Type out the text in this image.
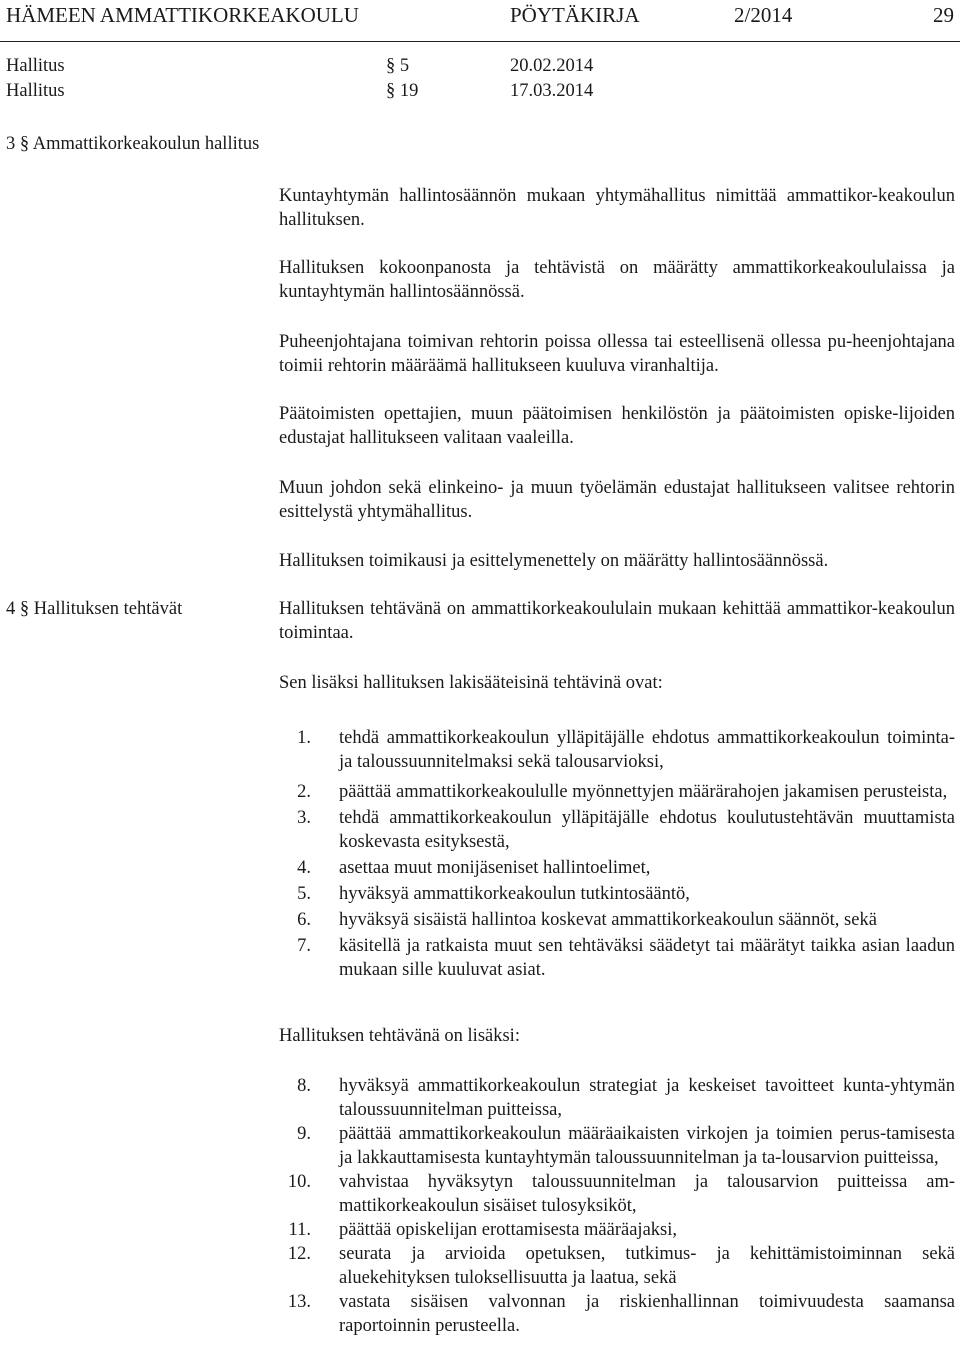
HÄMEEN AMMATTIKORKEAKOULU	PÖYTÄKIRJA	2/2014	29
Hallitus	§ 5	20.02.2014
Hallitus	§ 19	17.03.2014
3 § Ammattikorkeakoulun hallitus

Kuntayhtymän hallintosäännön mukaan yhtymähallitus nimittää ammattikor-keakoulun hallituksen.

Hallituksen kokoonpanosta ja tehtävistä on määrätty ammattikorkeakoululaissa ja kuntayhtymän hallintosäännössä.

Puheenjohtajana toimivan rehtorin poissa ollessa tai esteellisenä ollessa pu-heenjohtajana toimii rehtorin määräämä hallitukseen kuuluva viranhaltija.

Päätoimisten opettajien, muun päätoimisen henkilöstön ja päätoimisten opiske-lijoiden edustajat hallitukseen valitaan vaaleilla.

Muun johdon sekä elinkeino- ja muun työelämän edustajat hallitukseen valitsee rehtorin esittelystä yhtymähallitus.

Hallituksen toimikausi ja esittelymenettely on määrätty hallintosäännössä.

4 § Hallituksen tehtävät	Hallituksen tehtävänä on ammattikorkeakoululain mukaan kehittää ammattikor-keakoulun toimintaa.

Sen lisäksi hallituksen lakisääteisinä tehtävinä ovat:

1. tehdä ammattikorkeakoulun ylläpitäjälle ehdotus ammattikorkeakoulun toiminta- ja taloussuunnitelmaksi sekä talousarvioksi,
2. päättää ammattikorkeakoululle myönnettyjen määrärahojen jakamisen perusteista,
3. tehdä ammattikorkeakoulun ylläpitäjälle ehdotus koulutustehtävän muuttamista koskevasta esityksestä,
4. asettaa muut monijäseniset hallintoelimet,
5. hyväksyä ammattikorkeakoulun tutkintosääntö,
6. hyväksyä sisäistä hallintoa koskevat ammattikorkeakoulun säännöt, sekä
7. käsitellä ja ratkaista muut sen tehtäväksi säädetyt tai määrätyt taikka asian laadun mukaan sille kuuluvat asiat.

Hallituksen tehtävänä on lisäksi:

8. hyväksyä ammattikorkeakoulun strategiat ja keskeiset tavoitteet kunta-yhtymän taloussuunnitelman puitteissa,
9. päättää ammattikorkeakoulun määräaikaisten virkojen ja toimien perus-tamisesta ja lakkauttamisesta kuntayhtymän taloussuunnitelman ja ta-lousarvion puitteissa,
10. vahvistaa hyväksytyn taloussuunnitelman ja talousarvion puitteissa am-mattikorkeakoulun sisäiset tulosyksiköt,
11. päättää opiskelijan erottamisesta määräajaksi,
12. seurata ja arvioida opetuksen, tutkimus- ja kehittämistoiminnan sekä aluekehityksen tuloksellisuutta ja laatua, sekä
13. vastata sisäisen valvonnan ja riskienhallinnan toimivuudesta saamansa raportoinnin perusteella.
